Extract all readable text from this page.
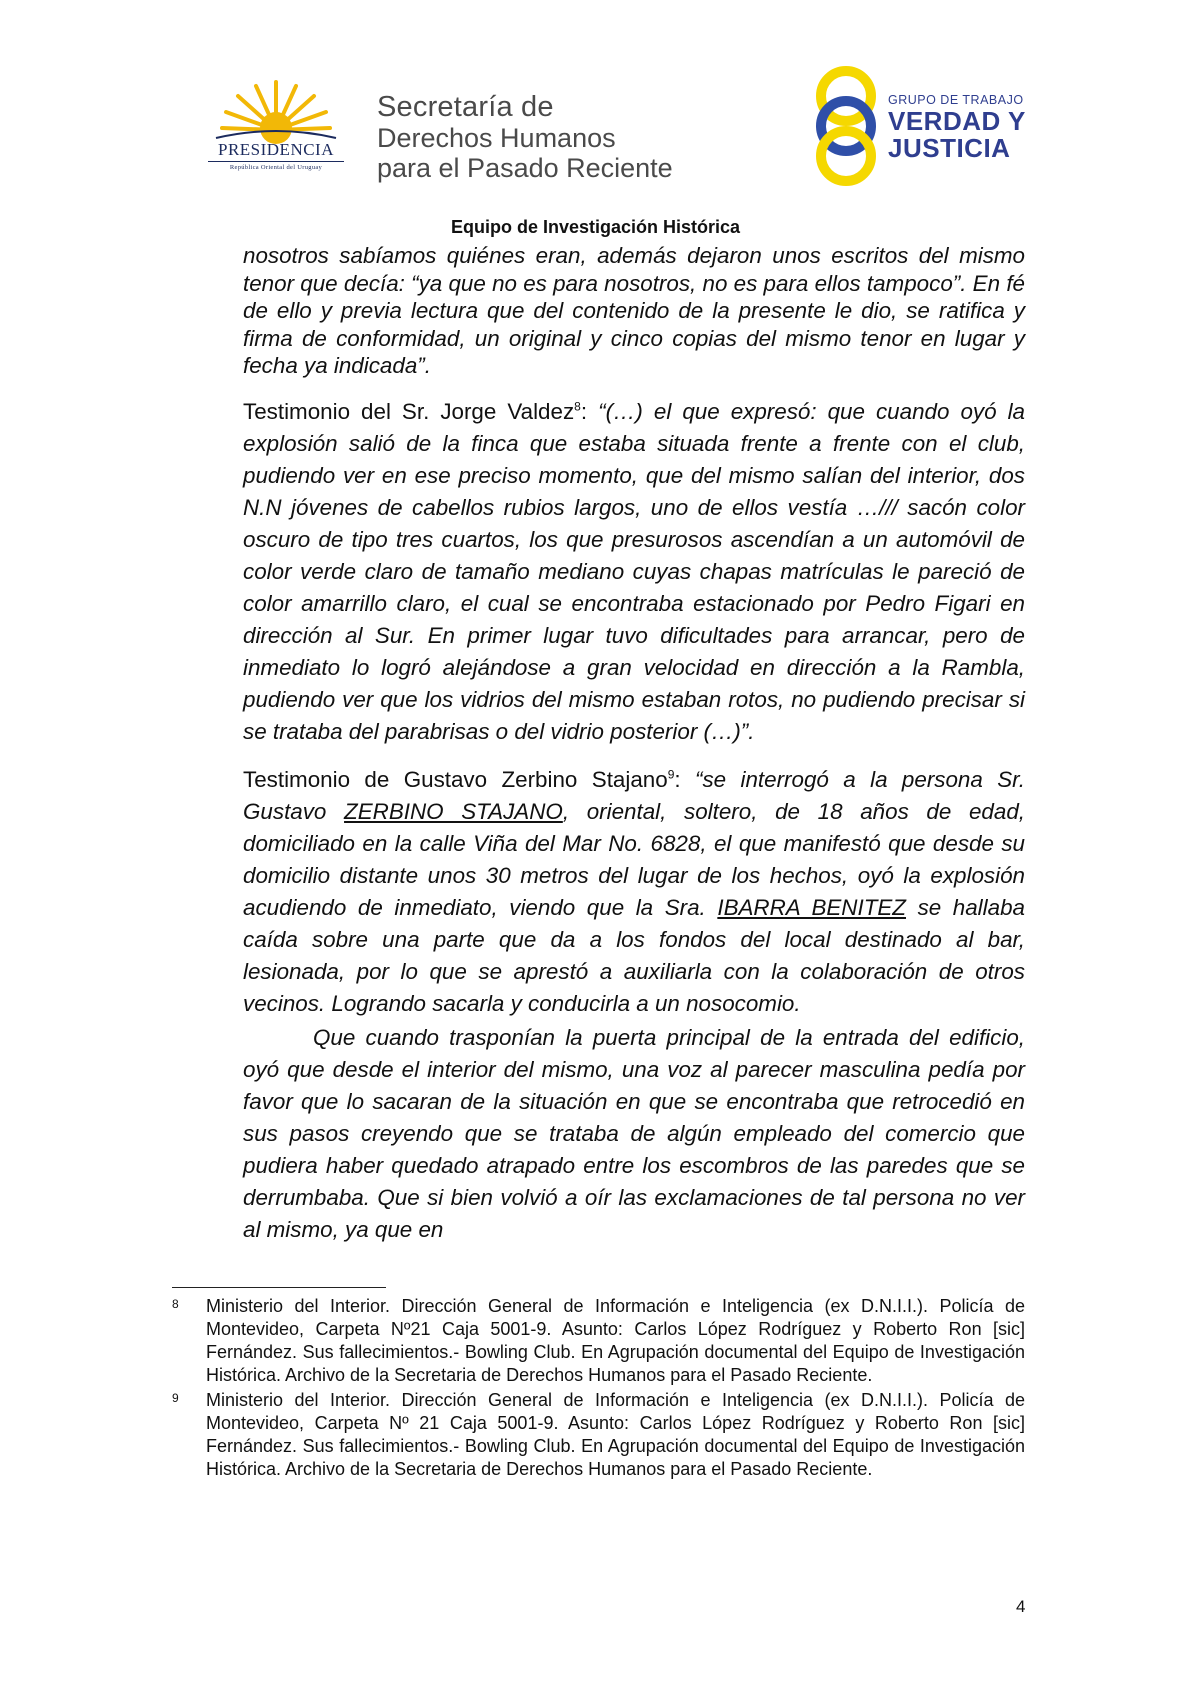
PRESIDENCIA
República Oriental del Uruguay
Secretaría de
Derechos Humanos
para el Pasado Reciente
GRUPO DE TRABAJO
VERDAD Y
JUSTICIA
Equipo de Investigación Histórica

nosotros sabíamos quiénes eran, además dejaron unos escritos del mismo tenor que decía: “ya que no es para nosotros, no es para ellos tampoco”. En fé de ello y previa lectura que del contenido de la presente le dio, se ratifica y firma de conformidad, un original y cinco copias del mismo tenor en lugar y fecha ya indicada”.

Testimonio del Sr. Jorge Valdez$^8$: “(…) el que expresó: que cuando oyó la explosión salió de la finca que estaba situada frente a frente con el club, pudiendo ver en ese preciso momento, que del mismo salían del interior, dos N.N jóvenes de cabellos rubios largos, uno de ellos vestía …/// sacón color oscuro de tipo tres cuartos, los que presurosos ascendían a un automóvil de color verde claro de tamaño mediano cuyas chapas matrículas le pareció de color amarrillo claro, el cual se encontraba estacionado por Pedro Figari en dirección al Sur. En primer lugar tuvo dificultades para arrancar, pero de inmediato lo logró alejándose a gran velocidad en dirección a la Rambla, pudiendo ver que los vidrios del mismo estaban rotos, no pudiendo precisar si se trataba del parabrisas o del vidrio posterior (…)”.

Testimonio de Gustavo Zerbino Stajano$^9$: “se interrogó a la persona Sr. Gustavo ZERBINO STAJANO, oriental, soltero, de 18 años de edad, domiciliado en la calle Viña del Mar No. 6828, el que manifestó que desde su domicilio distante unos 30 metros del lugar de los hechos, oyó la explosión acudiendo de inmediato, viendo que la Sra. IBARRA BENITEZ se hallaba caída sobre una parte que da a los fondos del local destinado al bar, lesionada, por lo que se aprestó a auxiliarla con la colaboración de otros vecinos. Logrando sacarla y conducirla a un nosocomio.

Que cuando trasponían la puerta principal de la entrada del edificio, oyó que desde el interior del mismo, una voz al parecer masculina pedía por favor que lo sacaran de la situación en que se encontraba que retrocedió en sus pasos creyendo que se trataba de algún empleado del comercio que pudiera haber quedado atrapado entre los escombros de las paredes que se derrumbaba. Que si bien volvió a oír las exclamaciones de tal persona no ver al mismo, ya que en

8 Ministerio del Interior. Dirección General de Información e Inteligencia (ex D.N.I.I.). Policía de Montevideo, Carpeta Nº21 Caja 5001-9. Asunto: Carlos López Rodríguez y Roberto Ron [sic] Fernández. Sus fallecimientos.- Bowling Club. En Agrupación documental del Equipo de Investigación Histórica. Archivo de la Secretaria de Derechos Humanos para el Pasado Reciente.
9 Ministerio del Interior. Dirección General de Información e Inteligencia (ex D.N.I.I.). Policía de Montevideo, Carpeta Nº 21 Caja 5001-9. Asunto: Carlos López Rodríguez y Roberto Ron [sic] Fernández. Sus fallecimientos.- Bowling Club. En Agrupación documental del Equipo de Investigación Histórica. Archivo de la Secretaria de Derechos Humanos para el Pasado Reciente.
4
